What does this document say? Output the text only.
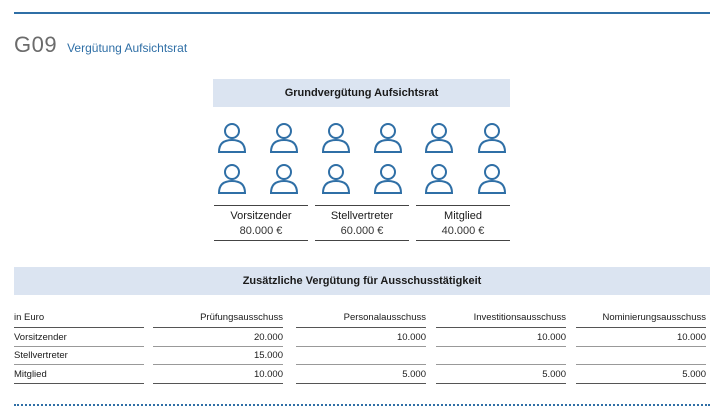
G09 Vergütung Aufsichtsrat
Grundvergütung Aufsichtsrat
Vorsitzender
80.000 €
Stellvertreter
60.000 €
Mitglied
40.000 €
Zusätzliche Vergütung für Ausschusstätigkeit
in Euro	Prüfungsausschuss	Personalausschuss	Investitionsausschuss	Nominierungsausschuss
Vorsitzender	20.000	10.000	10.000	10.000
Stellvertreter	15.000
Mitglied	10.000	5.000	5.000	5.000
